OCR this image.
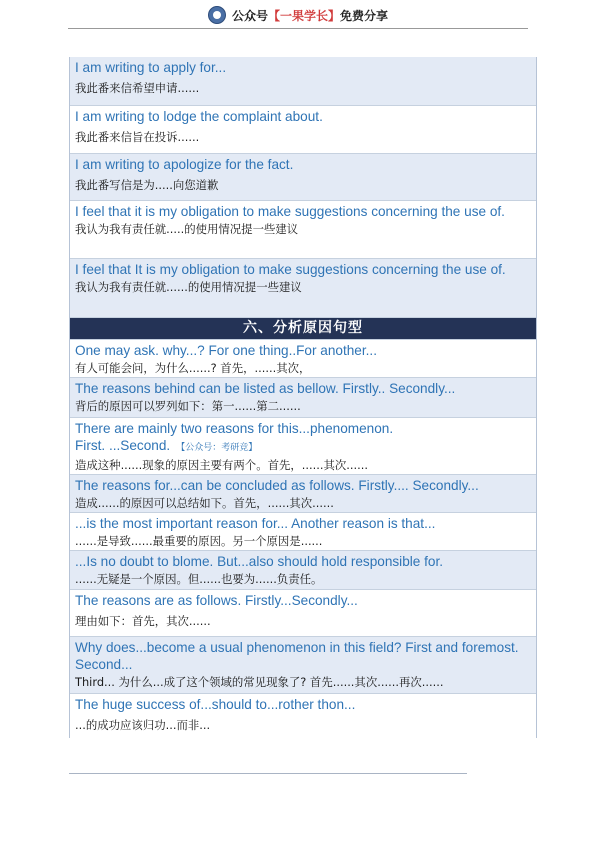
公众号【一果学长】免费分享
I am writing to apply for...
我此番来信希望申请......
I am writing to lodge the complaint about.
我此番来信旨在投诉......
I am writing to apologize for the fact.
我此番写信是为.....向您道歉
I feel that it is my obligation to make suggestions concerning the use of.
我认为我有责任就.....的使用情况提一些建议
I feel that It is my obligation to make suggestions concerning the use of.
我认为我有责任就......的使用情况提一些建议
六、分析原因句型
One may ask. why...? For one thing..For another...
有人可能会问，为什么......? 首先，......其次，
The reasons behind can be listed as bellow. Firstly.. Secondly...
背后的原因可以罗列如下：第一......第二......
There are mainly two reasons for this...phenomenon.
First. ...Second. 【公众号：考研竞】
造成这种......现象的原因主要有两个。首先，......其次......
The reasons for...can be concluded as follows. Firstly.... Secondly...
造成......的原因可以总结如下。首先，......其次......
...is the most important reason for... Another reason is that...
......是导致......最重要的原因。另一个原因是......
...Is no doubt to blome. But...also should hold responsible for.
......无疑是一个原因。但......也要为......负责任。
The reasons are as follows. Firstly...Secondly...
理由如下：首先，其次......
Why does...become a usual phenomenon in this field? First and foremost. Second...
Third... 为什么...成了这个领域的常见现象了? 首先......其次......再次......
The huge success of...should to...rother thon...
...的成功应该归功...而非...
